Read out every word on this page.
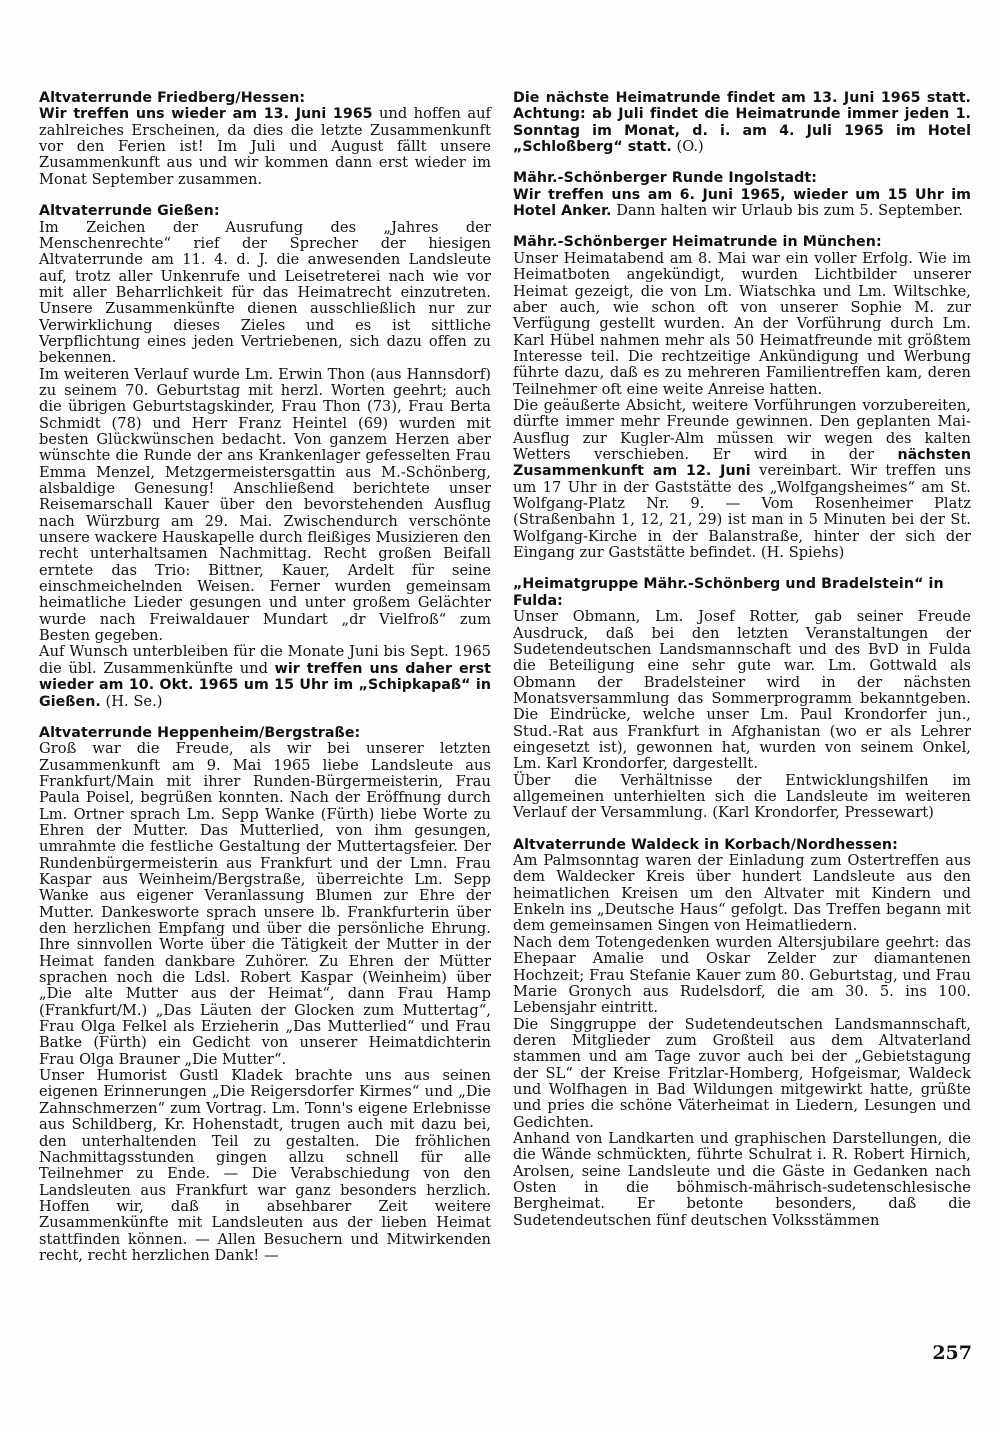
Altvaterrunde Friedberg/Hessen:

Wir treffen uns wieder am 13. Juni 1965 und hoffen auf zahlreiches Erscheinen, da dies die letzte Zusammenkunft vor den Ferien ist! Im Juli und August fällt unsere Zusammenkunft aus und wir kommen dann erst wieder im Monat September zusammen.

Altvaterrunde Gießen:

Im Zeichen der Ausrufung des „Jahres der Menschenrechte“ rief der Sprecher der hiesigen Altvaterrunde am 11. 4. d. J. die anwesenden Landsleute auf, trotz aller Unkenrufe und Leisetreterei nach wie vor mit aller Beharrlichkeit für das Heimatrecht einzutreten. Unsere Zusammenkünfte dienen ausschließlich nur zur Verwirklichung dieses Zieles und es ist sittliche Verpflichtung eines jeden Vertriebenen, sich dazu offen zu bekennen.

Im weiteren Verlauf wurde Lm. Erwin Thon (aus Hannsdorf) zu seinem 70. Geburtstag mit herzl. Worten geehrt; auch die übrigen Geburtstagskinder, Frau Thon (73), Frau Berta Schmidt (78) und Herr Franz Heintel (69) wurden mit besten Glückwünschen bedacht. Von ganzem Herzen aber wünschte die Runde der ans Krankenlager gefesselten Frau Emma Menzel, Metzgermeistersgattin aus M.-Schönberg, alsbaldige Genesung! Anschließend berichtete unser Reisemarschall Kauer über den bevorstehenden Ausflug nach Würzburg am 29. Mai. Zwischendurch verschönte unsere wackere Hauskapelle durch fleißiges Musizieren den recht unterhaltsamen Nachmittag. Recht großen Beifall erntete das Trio: Bittner, Kauer, Ardelt für seine einschmeichelnden Weisen. Ferner wurden gemeinsam heimatliche Lieder gesungen und unter großem Gelächter wurde nach Freiwaldauer Mundart „dr Vielfroß“ zum Besten gegeben.

Auf Wunsch unterbleiben für die Monate Juni bis Sept. 1965 die übl. Zusammenkünfte und wir treffen uns daher erst wieder am 10. Okt. 1965 um 15 Uhr im „Schipkapaß“ in Gießen. (H. Se.)

Altvaterrunde Heppenheim/Bergstraße:

Groß war die Freude, als wir bei unserer letzten Zusammenkunft am 9. Mai 1965 liebe Landsleute aus Frankfurt/Main mit ihrer Runden-Bürgermeisterin, Frau Paula Poisel, begrüßen konnten. Nach der Eröffnung durch Lm. Ortner sprach Lm. Sepp Wanke (Fürth) liebe Worte zu Ehren der Mutter. Das Mutterlied, von ihm gesungen, umrahmte die festliche Gestaltung der Muttertagsfeier. Der Rundenbürgermeisterin aus Frankfurt und der Lmn. Frau Kaspar aus Weinheim/Bergstraße, überreichte Lm. Sepp Wanke aus eigener Veranlassung Blumen zur Ehre der Mutter. Dankesworte sprach unsere lb. Frankfurterin über den herzlichen Empfang und über die persönliche Ehrung. Ihre sinnvollen Worte über die Tätigkeit der Mutter in der Heimat fanden dankbare Zuhörer. Zu Ehren der Mütter sprachen noch die Ldsl. Robert Kaspar (Weinheim) über „Die alte Mutter aus der Heimat“, dann Frau Hamp (Frankfurt/M.) „Das Läuten der Glocken zum Muttertag“, Frau Olga Felkel als Erzieherin „Das Mutterlied“ und Frau Batke (Fürth) ein Gedicht von unserer Heimatdichterin Frau Olga Brauner „Die Mutter“.

Unser Humorist Gustl Kladek brachte uns aus seinen eigenen Erinnerungen „Die Reigersdorfer Kirmes“ und „Die Zahnschmerzen“ zum Vortrag. Lm. Tonn's eigene Erlebnisse aus Schildberg, Kr. Hohenstadt, trugen auch mit dazu bei, den unterhaltenden Teil zu gestalten. Die fröhlichen Nachmittagsstunden gingen allzu schnell für alle Teilnehmer zu Ende. — Die Verabschiedung von den Landsleuten aus Frankfurt war ganz besonders herzlich. Hoffen wir, daß in absehbarer Zeit weitere Zusammenkünfte mit Landsleuten aus der lieben Heimat stattfinden können. — Allen Besuchern und Mitwirkenden recht, recht herzlichen Dank! —

Die nächste Heimatrunde findet am 13. Juni 1965 statt. Achtung: ab Juli findet die Heimatrunde immer jeden 1. Sonntag im Monat, d. i. am 4. Juli 1965 im Hotel „Schloßberg“ statt. (O.)

Mähr.-Schönberger Runde Ingolstadt:

Wir treffen uns am 6. Juni 1965, wieder um 15 Uhr im Hotel Anker. Dann halten wir Urlaub bis zum 5. September.

Mähr.-Schönberger Heimatrunde in München:

Unser Heimatabend am 8. Mai war ein voller Erfolg. Wie im Heimatboten angekündigt, wurden Lichtbilder unserer Heimat gezeigt, die von Lm. Wiatschka und Lm. Wiltschke, aber auch, wie schon oft von unserer Sophie M. zur Verfügung gestellt wurden. An der Vorführung durch Lm. Karl Hübel nahmen mehr als 50 Heimatfreunde mit größtem Interesse teil. Die rechtzeitige Ankündigung und Werbung führte dazu, daß es zu mehreren Familientreffen kam, deren Teilnehmer oft eine weite Anreise hatten.

Die geäußerte Absicht, weitere Vorführungen vorzubereiten, dürfte immer mehr Freunde gewinnen. Den geplanten Mai-Ausflug zur Kugler-Alm müssen wir wegen des kalten Wetters verschieben. Er wird in der nächsten Zusammenkunft am 12. Juni vereinbart. Wir treffen uns um 17 Uhr in der Gaststätte des „Wolfgangsheimes“ am St. Wolfgang-Platz Nr. 9. — Vom Rosenheimer Platz (Straßenbahn 1, 12, 21, 29) ist man in 5 Minuten bei der St. Wolfgang-Kirche in der Balanstraße, hinter der sich der Eingang zur Gaststätte befindet. (H. Spiehs)

„Heimatgruppe Mähr.-Schönberg und Bradelstein“ in Fulda:

Unser Obmann, Lm. Josef Rotter, gab seiner Freude Ausdruck, daß bei den letzten Veranstaltungen der Sudetendeutschen Landsmannschaft und des BvD in Fulda die Beteiligung eine sehr gute war. Lm. Gottwald als Obmann der Bradelsteiner wird in der nächsten Monatsversammlung das Sommerprogramm bekanntgeben. Die Eindrücke, welche unser Lm. Paul Krondorfer jun., Stud.-Rat aus Frankfurt in Afghanistan (wo er als Lehrer eingesetzt ist), gewonnen hat, wurden von seinem Onkel, Lm. Karl Krondorfer, dargestellt.

Über die Verhältnisse der Entwicklungshilfen im allgemeinen unterhielten sich die Landsleute im weiteren Verlauf der Versammlung. (Karl Krondorfer, Pressewart)

Altvaterrunde Waldeck in Korbach/Nordhessen:

Am Palmsonntag waren der Einladung zum Ostertreffen aus dem Waldecker Kreis über hundert Landsleute aus den heimatlichen Kreisen um den Altvater mit Kindern und Enkeln ins „Deutsche Haus“ gefolgt. Das Treffen begann mit dem gemeinsamen Singen von Heimatliedern.

Nach dem Totengedenken wurden Altersjubilare geehrt: das Ehepaar Amalie und Oskar Zelder zur diamantenen Hochzeit; Frau Stefanie Kauer zum 80. Geburtstag, und Frau Marie Gronych aus Rudelsdorf, die am 30. 5. ins 100. Lebensjahr eintritt.

Die Singgruppe der Sudetendeutschen Landsmannschaft, deren Mitglieder zum Großteil aus dem Altvaterland stammen und am Tage zuvor auch bei der „Gebietstagung der SL“ der Kreise Fritzlar-Homberg, Hofgeismar, Waldeck und Wolfhagen in Bad Wildungen mitgewirkt hatte, grüßte und pries die schöne Väterheimat in Liedern, Lesungen und Gedichten.

Anhand von Landkarten und graphischen Darstellungen, die die Wände schmückten, führte Schulrat i. R. Robert Hirnich, Arolsen, seine Landsleute und die Gäste in Gedanken nach Osten in die böhmisch-mährisch-sudetenschlesische Bergheimat. Er betonte besonders, daß die Sudetendeutschen fünf deutschen Volksstämmen

257
